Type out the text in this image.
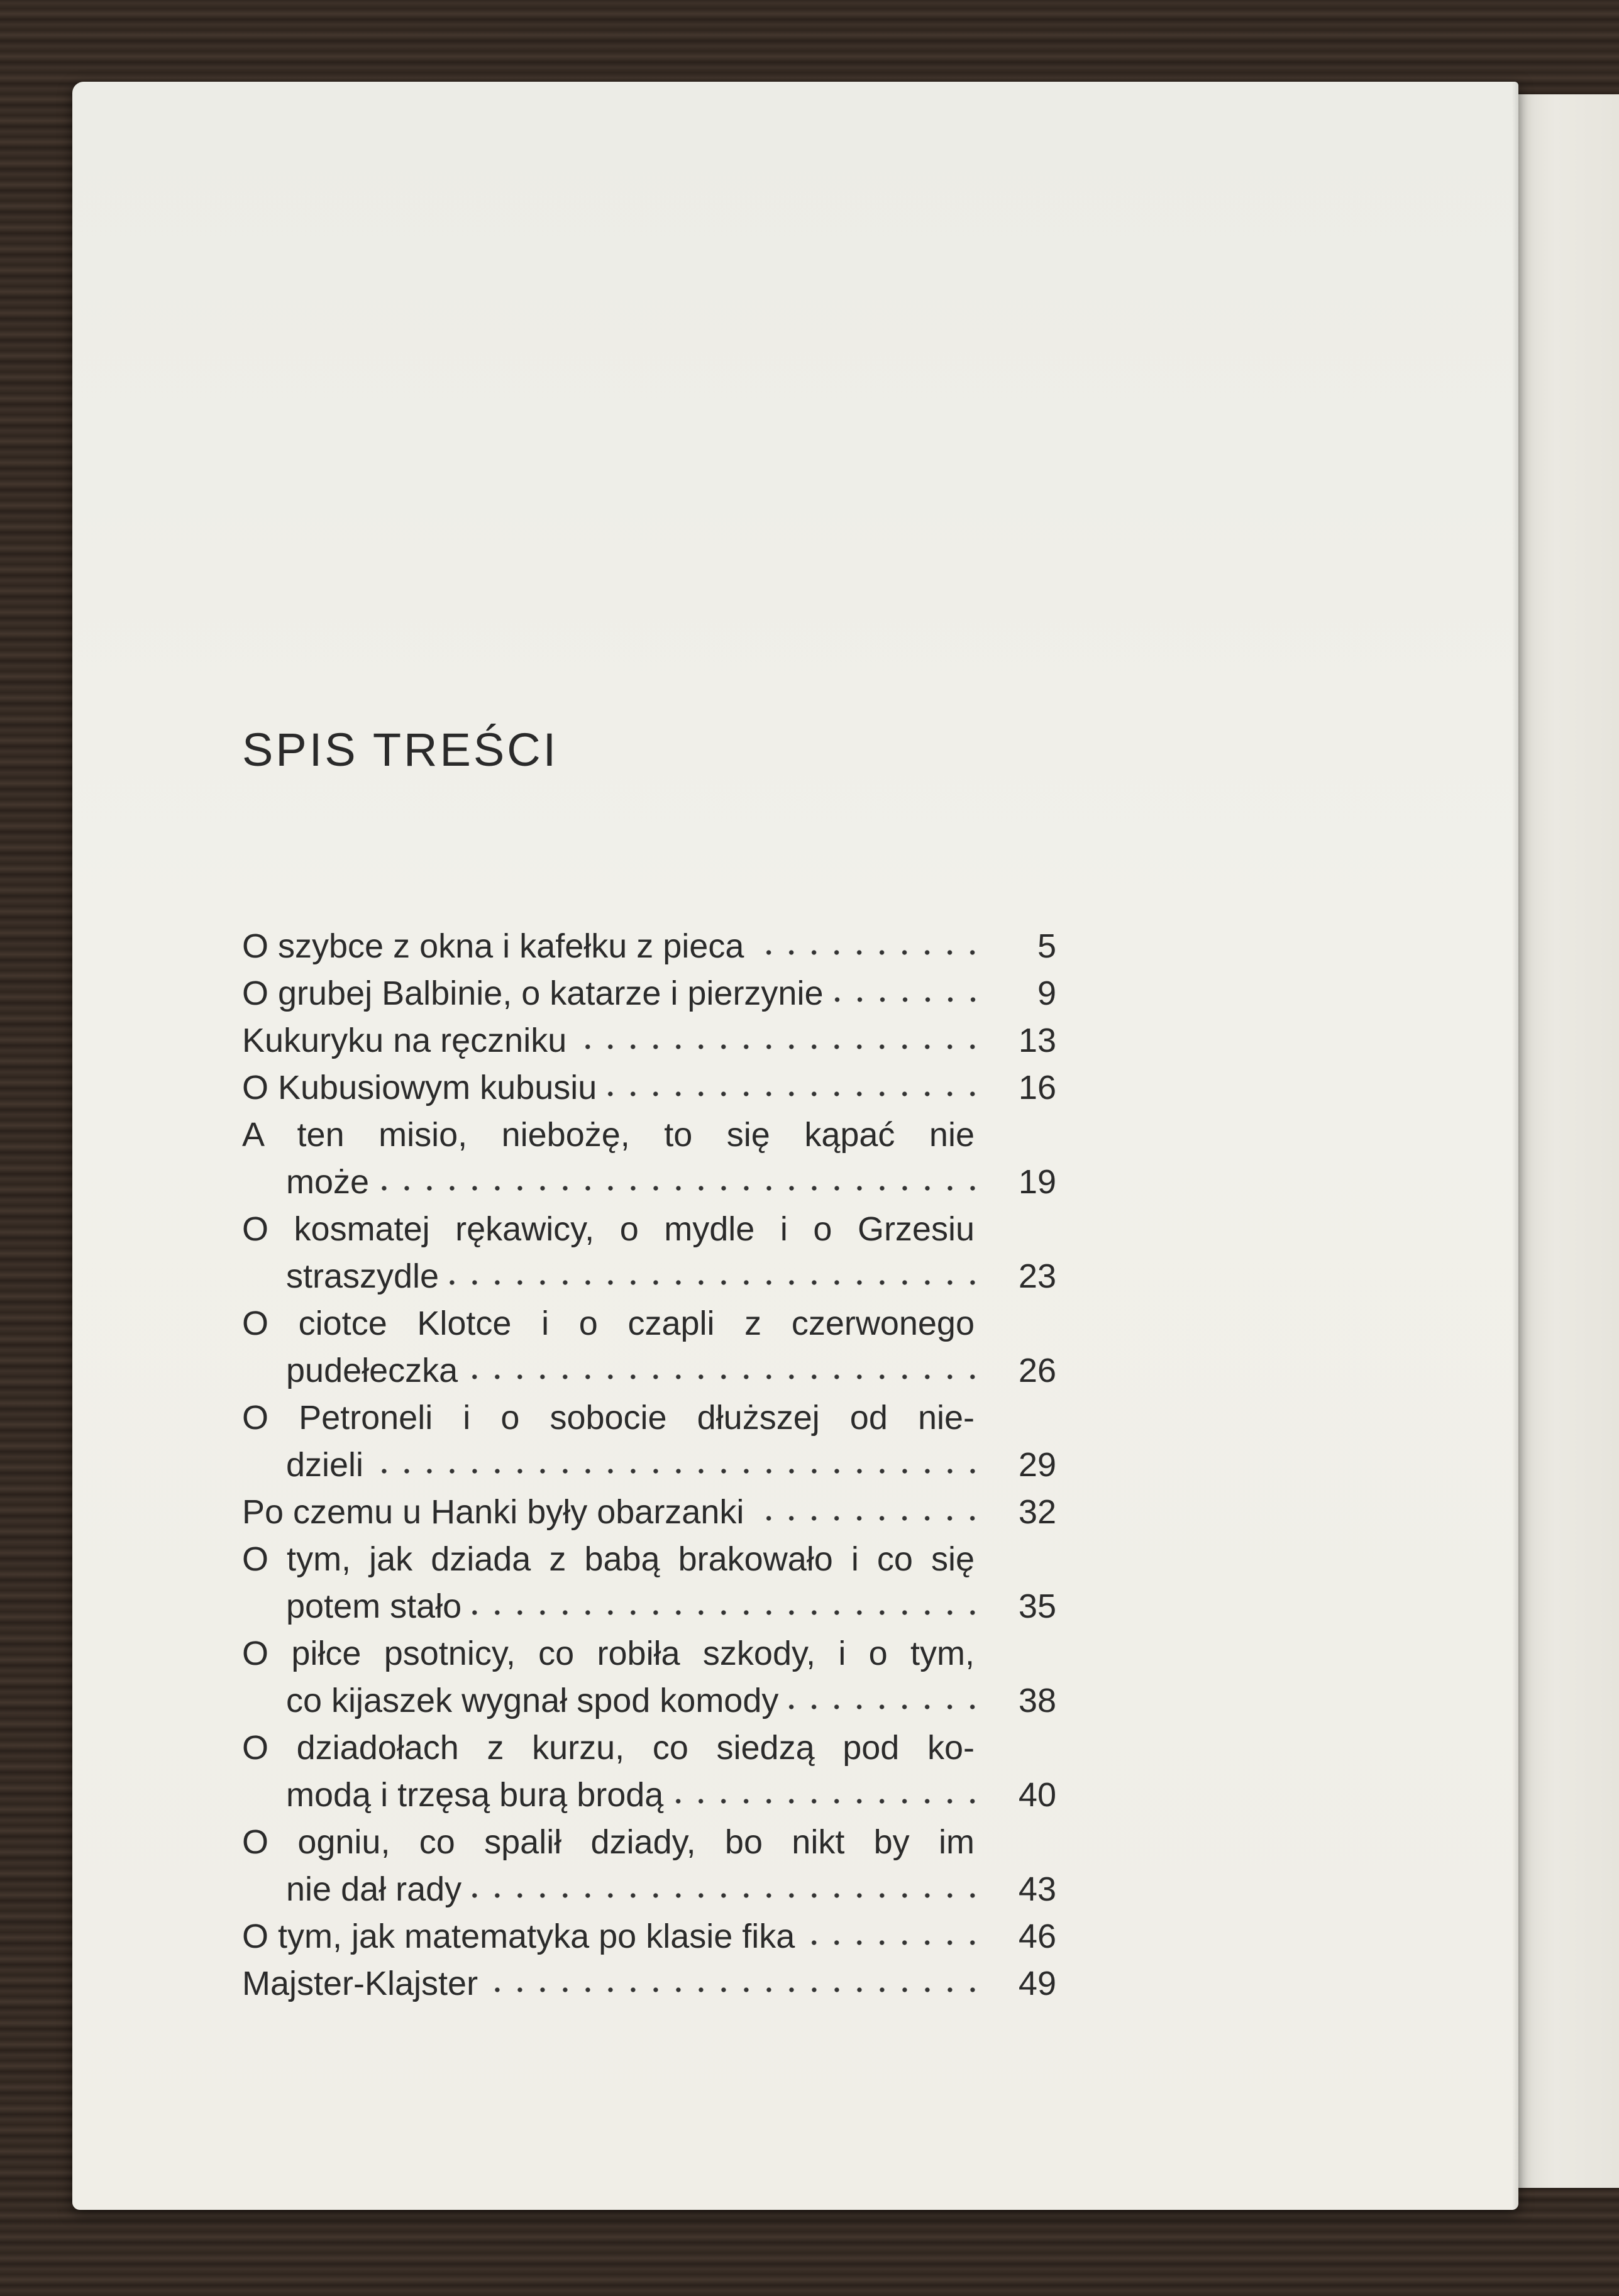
SPIS TREŚCI
O szybce z okna i kafełku z pieca	5
O grubej Balbinie, o katarze i pierzynie	9
Kukuryku na ręczniku	13
O Kubusiowym kubusiu	16
A ten misio, niebożę, to się kąpać nie
może	19
O kosmatej rękawicy, o mydle i o Grzesiu
straszydle	23
O ciotce Klotce i o czapli z czerwonego
pudełeczka	26
O Petroneli i o sobocie dłuższej od nie-
dzieli	29
Po czemu u Hanki były obarzanki	32
O tym, jak dziada z babą brakowało i co się
potem stało	35
O piłce psotnicy, co robiła szkody, i o tym,
co kijaszek wygnał spod komody	38
O dziadołach z kurzu, co siedzą pod ko-
modą i trzęsą burą brodą	40
O ogniu, co spalił dziady, bo nikt by im
nie dał rady	43
O tym, jak matematyka po klasie fika	46
Majster-Klajster	49
